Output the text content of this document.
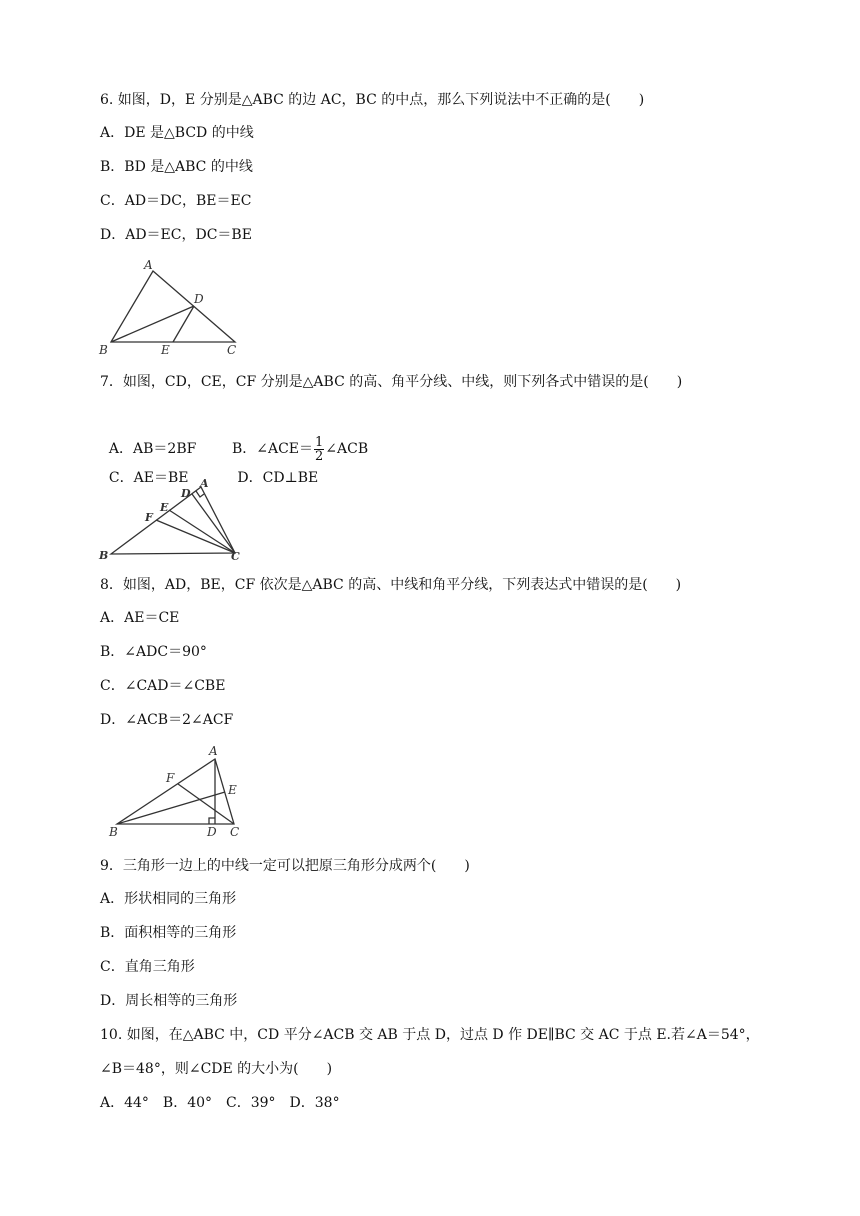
6. 如图，D，E 分别是△ABC 的边 AC，BC 的中点，那么下列说法中不正确的是(　　)
A．DE 是△BCD 的中线
B．BD 是△ABC 的中线
C．AD＝DC，BE＝EC
D．AD＝EC，DC＝BE
A
D
B	E	C
7．如图，CD，CE，CF 分别是△ABC 的高、角平分线、中线，则下列各式中错误的是(　　)

A．AB＝2BF	B．∠ACE＝ $\frac{1}{2}$ ∠ACB

C．AE＝BE	D．CD⊥BE

A
D
E
F
B	C
8．如图，AD，BE，CF 依次是△ABC 的高、中线和角平分线，下列表达式中错误的是(　　)
A．AE＝CE
B．∠ADC＝90°
C．∠CAD＝∠CBE
D．∠ACB＝2∠ACF
A
F
E
B	D C
9．三角形一边上的中线一定可以把原三角形分成两个(　　)
A．形状相同的三角形
B．面积相等的三角形
C．直角三角形
D．周长相等的三角形
10. 如图，在△ABC 中，CD 平分∠ACB 交 AB 于点 D，过点 D 作 DE∥BC 交 AC 于点 E.若∠A＝54°，
∠B＝48°，则∠CDE 的大小为(　　)
A．44°　B．40°　C．39°　D．38°
